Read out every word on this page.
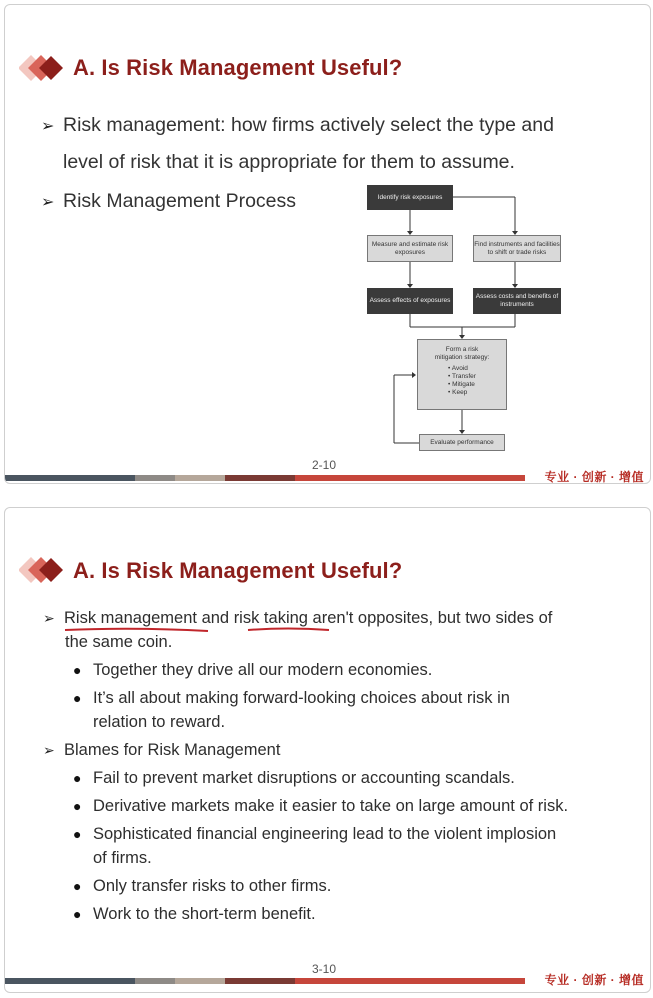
A. Is Risk Management Useful?
➢ Risk management: how firms actively select the type and
level of risk that it is appropriate for them to assume.
➢ Risk Management Process	Identify risk exposures
Measure and estimate risk exposures
Find instruments and facilities to shift or trade risks
Assess effects of exposures
Assess costs and benefits of instruments
Form a risk mitigation strategy:
• Avoid
• Transfer
• Mitigate
• Keep
Evaluate performance
2-10
专业 · 创新 · 增值
A. Is Risk Management Useful?
➢ Risk management and risk taking aren't opposites, but two sides of
the same coin.
● Together they drive all our modern economies.
● It’s all about making forward-looking choices about risk in
relation to reward.
➢ Blames for Risk Management
● Fail to prevent market disruptions or accounting scandals.
● Derivative markets make it easier to take on large amount of risk.
● Sophisticated financial engineering lead to the violent implosion
of firms.
● Only transfer risks to other firms.
● Work to the short-term benefit.
3-10
专业 · 创新 · 增值
